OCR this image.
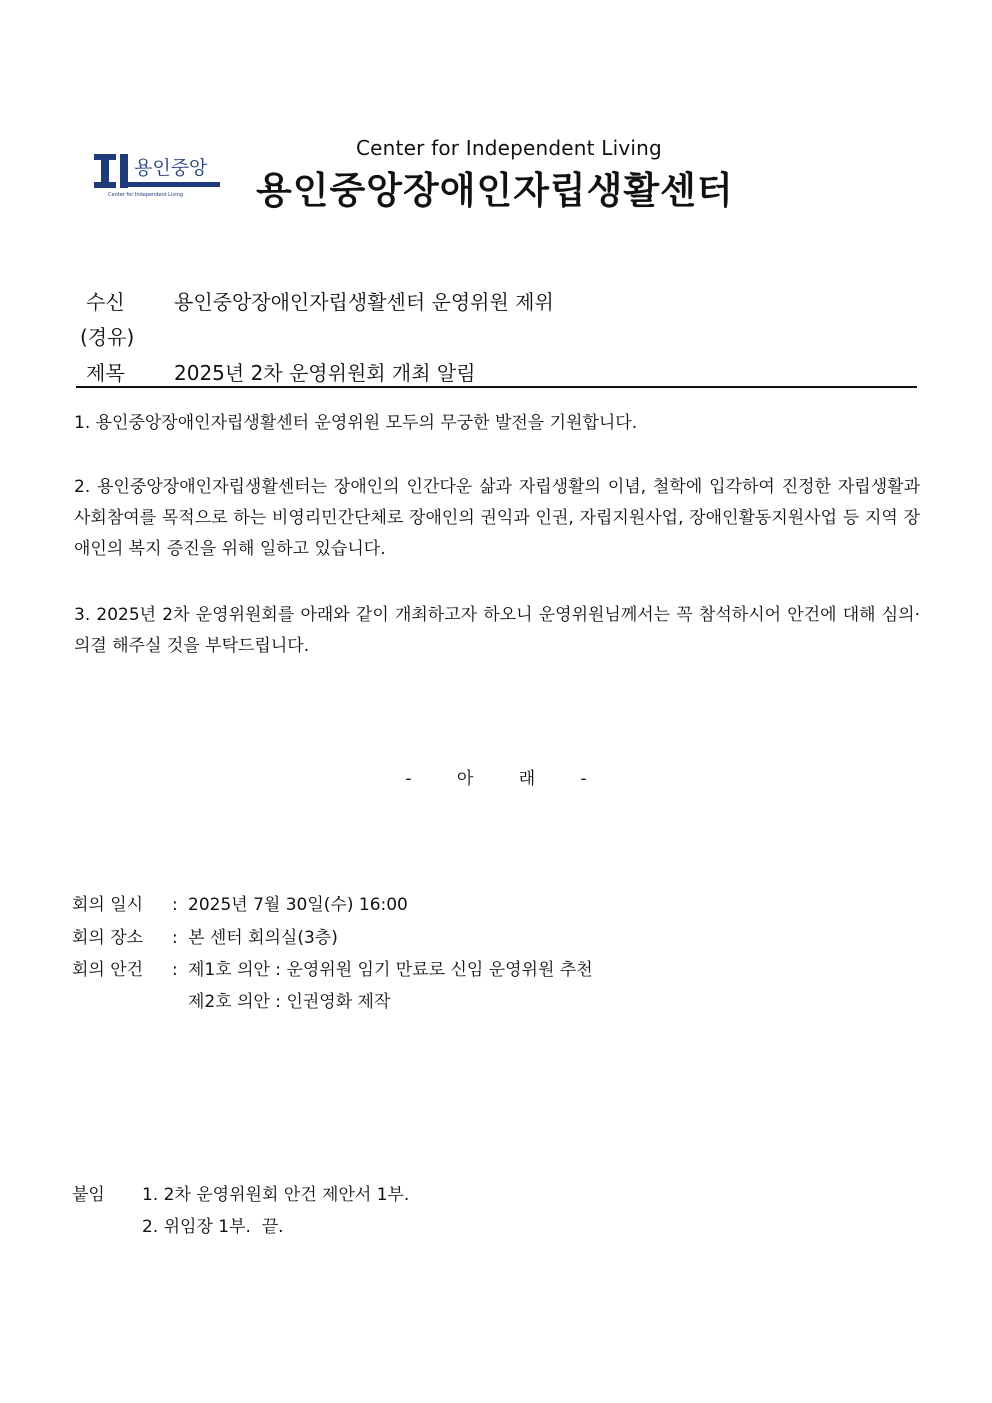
용인중앙
Center for Independent Living
Center for Independent Living
용인중앙장애인자립생활센터
수신 용인중앙장애인자립생활센터 운영위원 제위
(경유)
제목 2025년 2차 운영위원회 개최 알림
1. 용인중앙장애인자립생활센터 운영위원 모두의 무궁한 발전을 기원합니다.
2. 용인중앙장애인자립생활센터는 장애인의 인간다운 삶과 자립생활의 이념, 철학에 입각하여 진정한 자립생활과 사회참여를 목적으로 하는 비영리민간단체로 장애인의 권익과 인권, 자립지원사업, 장애인활동지원사업 등 지역 장애인의 복지 증진을 위해 일하고 있습니다.
3. 2025년 2차 운영위원회를 아래와 같이 개최하고자 하오니 운영위원님께서는 꼭 참석하시어 안건에 대해 심의·의결 해주실 것을 부탁드립니다.
- 아 래 -
회의 일시 : 2025년 7월 30일(수) 16:00
회의 장소 : 본 센터 회의실(3층)
회의 안건 : 제1호 의안 : 운영위원 임기 만료로 신임 운영위원 추천
제2호 의안 : 인권영화 제작
붙임 1. 2차 운영위원회 안건 제안서 1부.
2. 위임장 1부.  끝.
